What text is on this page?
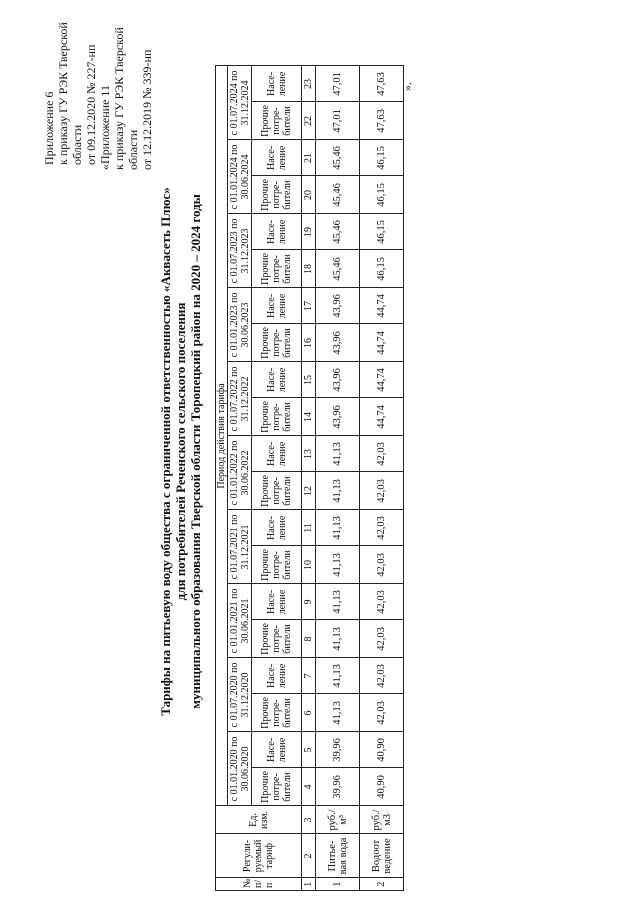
Приложение 6 к приказу ГУ РЭК Тверской области от 09.12.2020 № 227-нп «Приложение 11 к приказу ГУ РЭК Тверской области от 12.12.2019 № 339-нп
Тарифы на питьевую воду общества с ограниченной ответственностью «Аквасеть Плюс» для потребителей Реченского сельского поселения муниципального образования Тверской области Торопецкий район на 2020 – 2024 годы
№ п/п	Регули-руемый тариф	Ед. изм.	Период действия тарифа																			
			с 01.01.2020 по 30.06.2020		с 01.07.2020 по 31.12.2020		с 01.01.2021 по 30.06.2021		с 01.07.2021 по 31.12.2021		с 01.01.2022 по 30.06.2022		с 01.07.2022 по 31.12.2022		с 01.01.2023 по 30.06.2023		с 01.07.2023 по 31.12.2023		с 01.01.2024 по 30.06.2024		с 01.07.2024 по 31.12.2024	
			Прочие потре-бители	Насе-ление	Прочие потре-бители	Насе-ление	Прочие потре-бители	Насе-ление	Прочие потре-бители	Насе-ление	Прочие потре-бители	Насе-ление	Прочие потре-бители	Насе-ление	Прочие потре-бители	Насе-ление	Прочие потре-бители	Насе-ление	Прочие потре-бители	Насе-ление	Прочие потре-бители	Насе-ление
1	2	3	4	5	6	7	8	9	10	11	12	13	14	15	16	17	18	19	20	21	22	23
1	Питье-вая вода	руб./м³	39,96	39,96	41,13	41,13	41,13	41,13	41,13	41,13	41,13	41,13	43,96	43,96	43,96	43,96	45,46	45,46	45,46	45,46	47,01	47,01
2	Водоот ведение	руб./м3	40,90	40,90	42,03	42,03	42,03	42,03	42,03	42,03	42,03	42,03	44,74	44,74	44,74	44,74	46,15	46,15	46,15	46,15	47,63	47,63 ».
